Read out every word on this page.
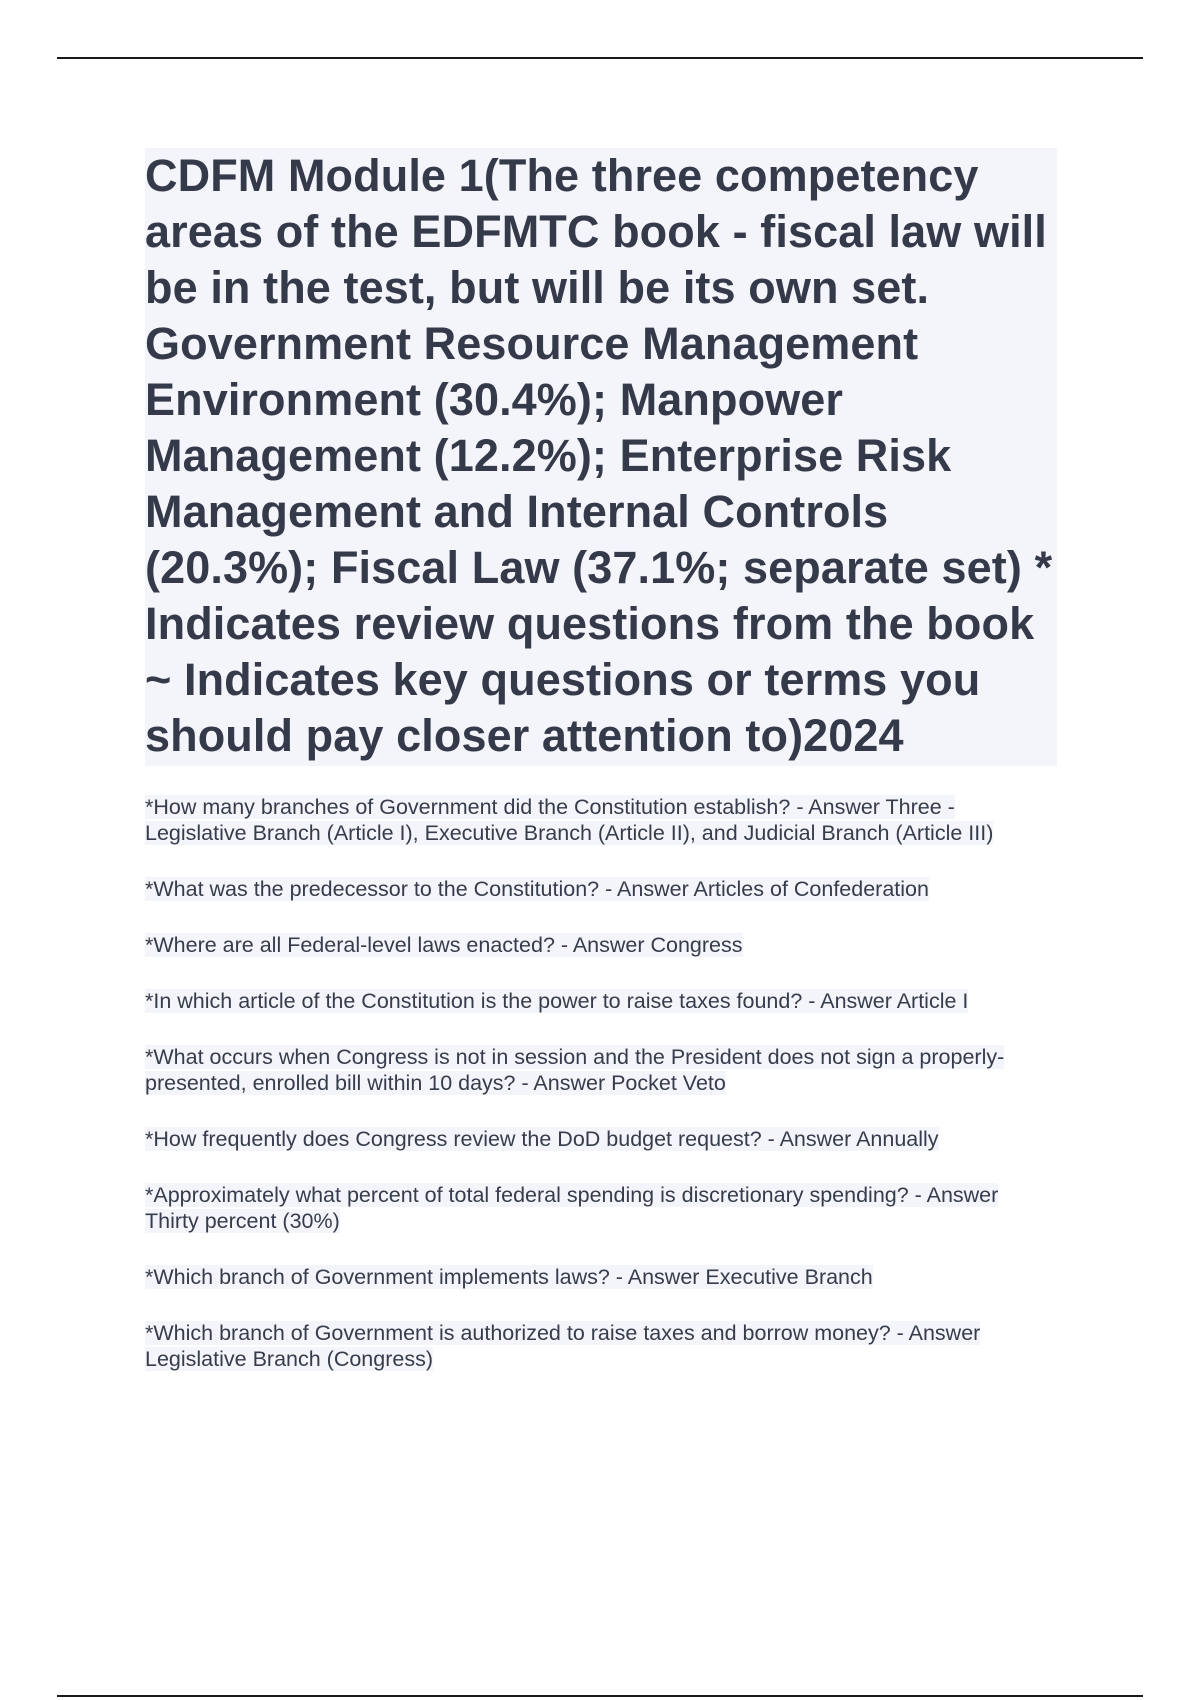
CDFM Module 1(The three competency areas of the EDFMTC book - fiscal law will be in the test, but will be its own set. Government Resource Management Environment (30.4%); Manpower Management (12.2%); Enterprise Risk Management and Internal Controls (20.3%); Fiscal Law (37.1%; separate set) * Indicates review questions from the book ~ Indicates key questions or terms you should pay closer attention to)2024
*How many branches of Government did the Constitution establish? - Answer Three - Legislative Branch (Article I), Executive Branch (Article II), and Judicial Branch (Article III)
*What was the predecessor to the Constitution? - Answer Articles of Confederation
*Where are all Federal-level laws enacted? - Answer Congress
*In which article of the Constitution is the power to raise taxes found? - Answer Article I
*What occurs when Congress is not in session and the President does not sign a properly-presented, enrolled bill within 10 days? - Answer Pocket Veto
*How frequently does Congress review the DoD budget request? - Answer Annually
*Approximately what percent of total federal spending is discretionary spending? - Answer Thirty percent (30%)
*Which branch of Government implements laws? - Answer Executive Branch
*Which branch of Government is authorized to raise taxes and borrow money? - Answer Legislative Branch (Congress)
